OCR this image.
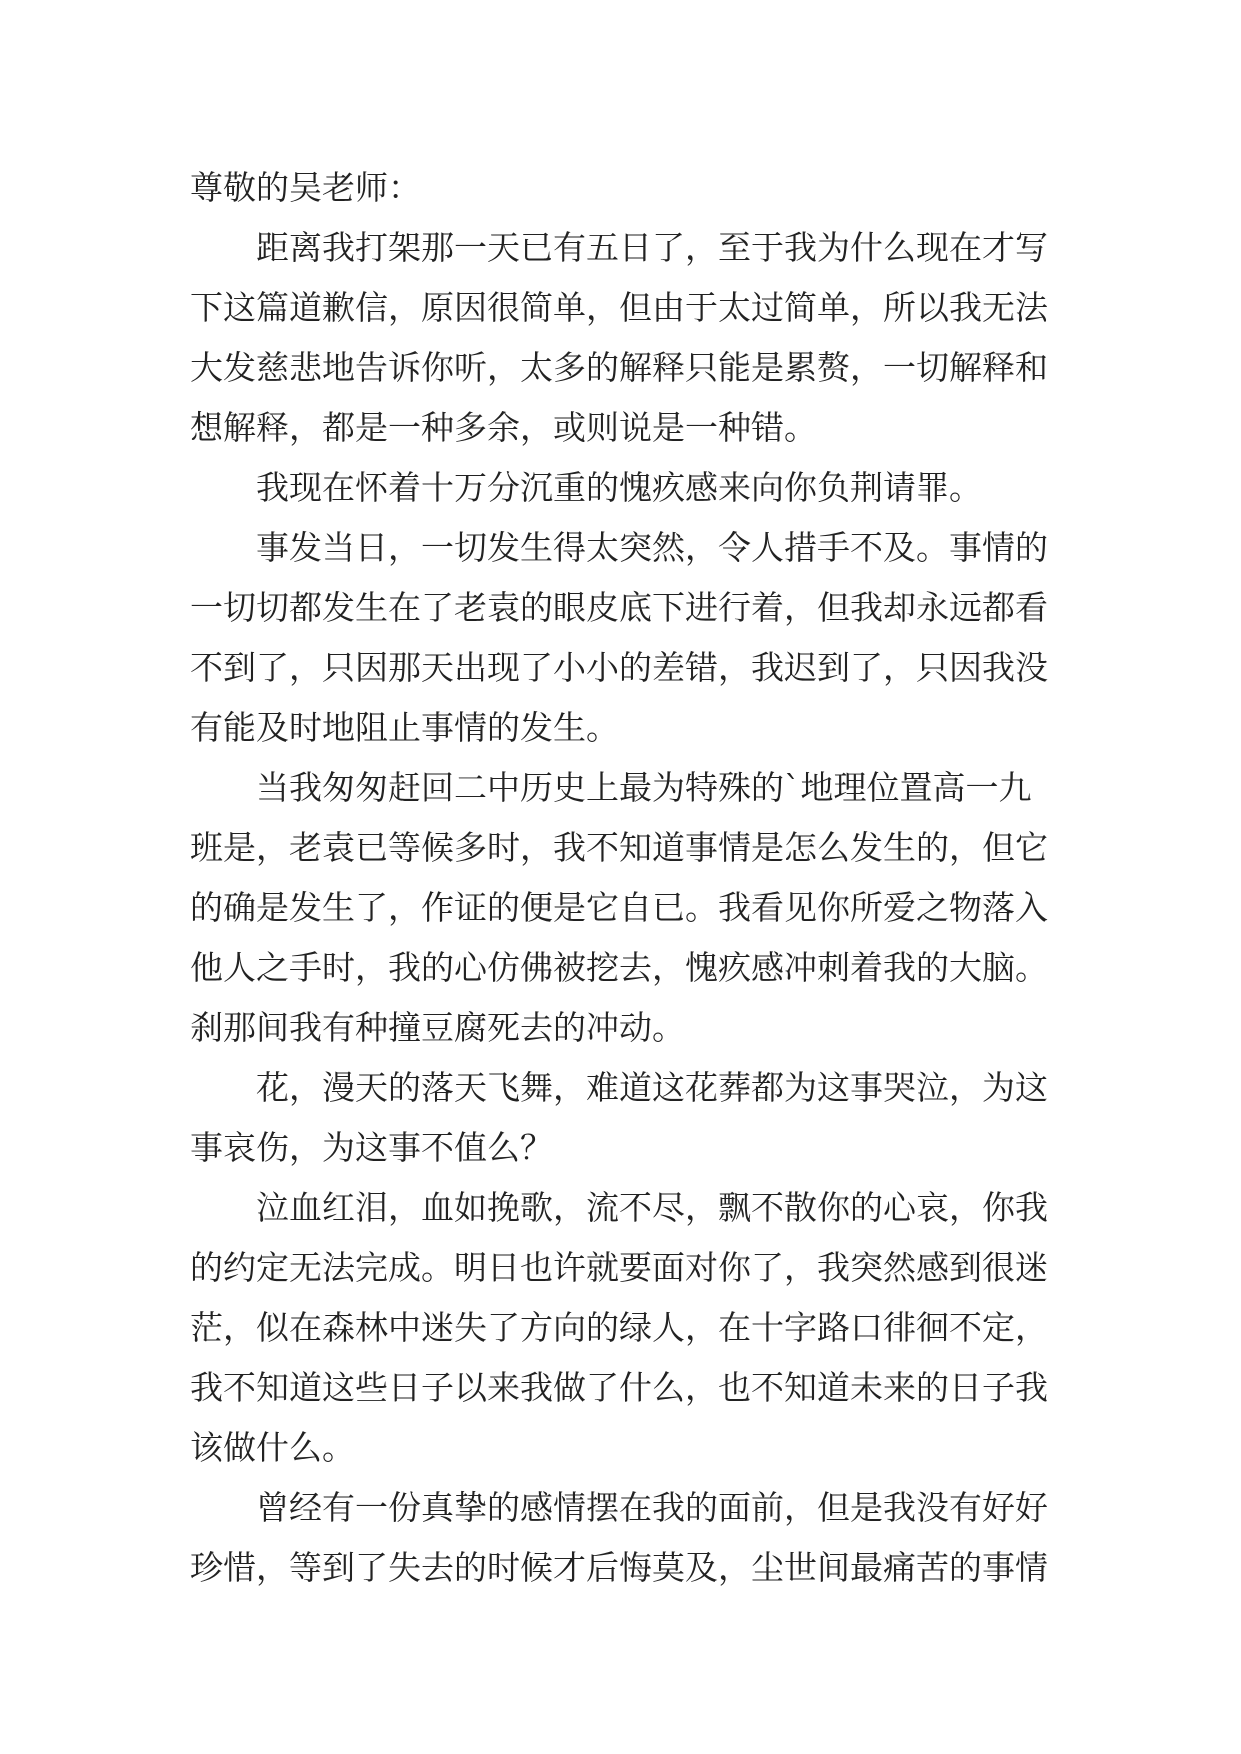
尊敬的吴老师：
距离我打架那一天已有五日了，至于我为什么现在才写
下这篇道歉信，原因很简单，但由于太过简单，所以我无法
大发慈悲地告诉你听，太多的解释只能是累赘，一切解释和
想解释，都是一种多余，或则说是一种错。
我现在怀着十万分沉重的愧疚感来向你负荆请罪。
事发当日，一切发生得太突然，令人措手不及。事情的
一切切都发生在了老袁的眼皮底下进行着，但我却永远都看
不到了，只因那天出现了小小的差错，我迟到了，只因我没
有能及时地阻止事情的发生。
当我匆匆赶回二中历史上最为特殊的`地理位置高一九
班是，老袁已等候多时，我不知道事情是怎么发生的，但它
的确是发生了，作证的便是它自已。我看见你所爱之物落入
他人之手时，我的心仿佛被挖去，愧疚感冲刺着我的大脑。
刹那间我有种撞豆腐死去的冲动。
花，漫天的落天飞舞，难道这花葬都为这事哭泣，为这
事哀伤，为这事不值么？
泣血红泪，血如挽歌，流不尽，飘不散你的心哀，你我
的约定无法完成。明日也许就要面对你了，我突然感到很迷
茫，似在森林中迷失了方向的绿人，在十字路口徘徊不定，
我不知道这些日子以来我做了什么，也不知道未来的日子我
该做什么。
曾经有一份真挚的感情摆在我的面前，但是我没有好好
珍惜，等到了失去的时候才后悔莫及，尘世间最痛苦的事情
